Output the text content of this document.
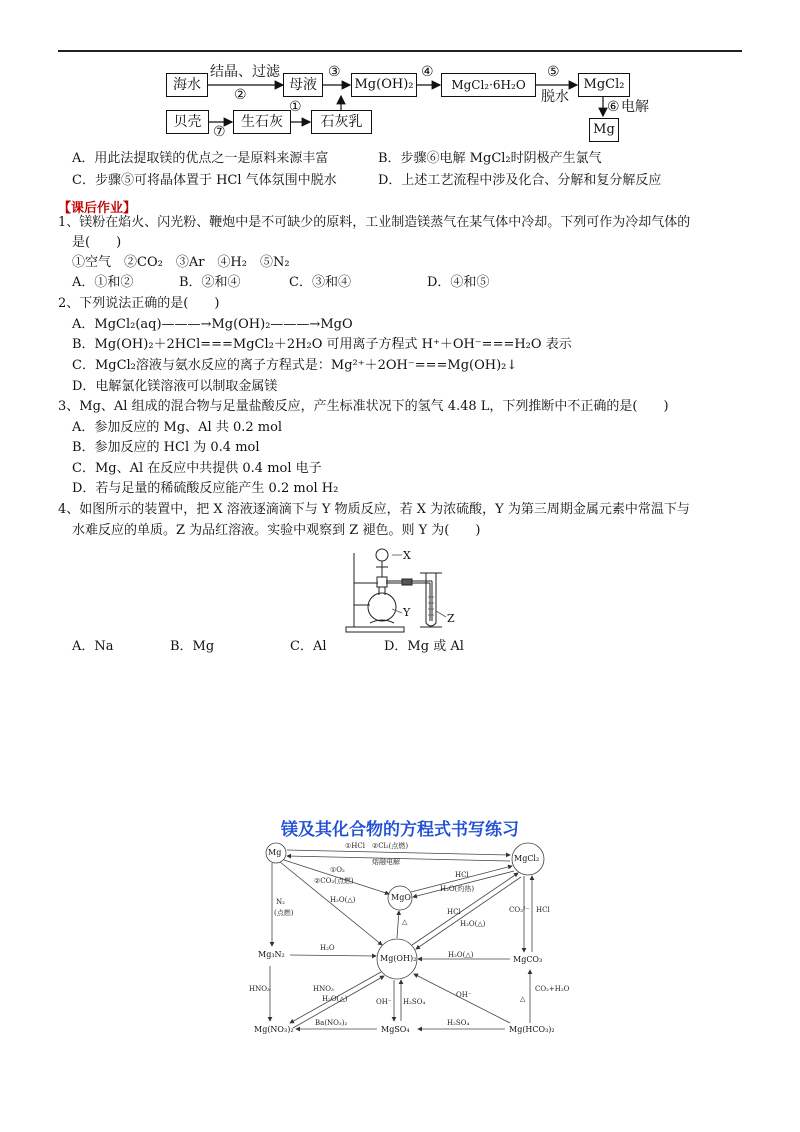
海水	母液	Mg(OH)₂	MgCl₂·6H₂O	MgCl₂
贝壳	生石灰	石灰乳	Mg
结晶、过滤
②
③	④	⑤
脱水
⑥ 电解
①
⑦
A．用此法提取镁的优点之一是原料来源丰富	B．步骤⑥电解 MgCl₂时阴极产生氯气
C．步骤⑤可将晶体置于 HCl 气体氛围中脱水	D．上述工艺流程中涉及化合、分解和复分解反应
【课后作业】
1、镁粉在焰火、闪光粉、鞭炮中是不可缺少的原料，工业制造镁蒸气在某气体中冷却。下列可作为冷却气体的
是(　　)
①空气　②CO₂　③Ar　④H₂　⑤N₂
A．①和②	B．②和④	C．③和④	D．④和⑤
2、下列说法正确的是(　　)
A．MgCl₂(aq)———→Mg(OH)₂———→MgO
B．Mg(OH)₂＋2HCl===MgCl₂＋2H₂O 可用离子方程式 H⁺＋OH⁻===H₂O 表示
C．MgCl₂溶液与氨水反应的离子方程式是：Mg²⁺＋2OH⁻===Mg(OH)₂↓
D．电解氯化镁溶液可以制取金属镁
3、Mg、Al 组成的混合物与足量盐酸反应，产生标准状况下的氢气 4.48 L，下列推断中不正确的是(　　)
A．参加反应的 Mg、Al 共 0.2 mol
B．参加反应的 HCl 为 0.4 mol
C．Mg、Al 在反应中共提供 0.4 mol 电子
D．若与足量的稀硫酸反应能产生 0.2 mol H₂
4、如图所示的装置中，把 X 溶液逐滴滴下与 Y 物质反应，若 X 为浓硫酸，Y 为第三周期金属元素中常温下与
水难反应的单质。Z 为品红溶液。实验中观察到 Z 褪色。则 Y 为(　　)
X
Y	Z
A．Na	B．Mg	C．Al	D．Mg 或 Al
镁及其化合物的方程式书写练习
Mg
MgCl₂
MgO
Mg(OH)₂
Mg₃N₂
MgCO₃
Mg(NO₃)₂	MgSO₄	Mg(HCO₃)₂
①HCl　②Cl₂(点燃)
熔融电解
①O₂
②CO₂(点燃)
H₂O(△)
HCl
H₂O(灼热)
HCl
H₂O(△)
△
N₂
(点燃)
H₂O
CO₃²⁻ HCl
H₂O(△)
CO₂+H₂O
△
HNO₃	HNO₃
H₂O(△)	OH⁻ H₂SO₄
OH⁻
Ba(NO₃)₂	H₂SO₄
